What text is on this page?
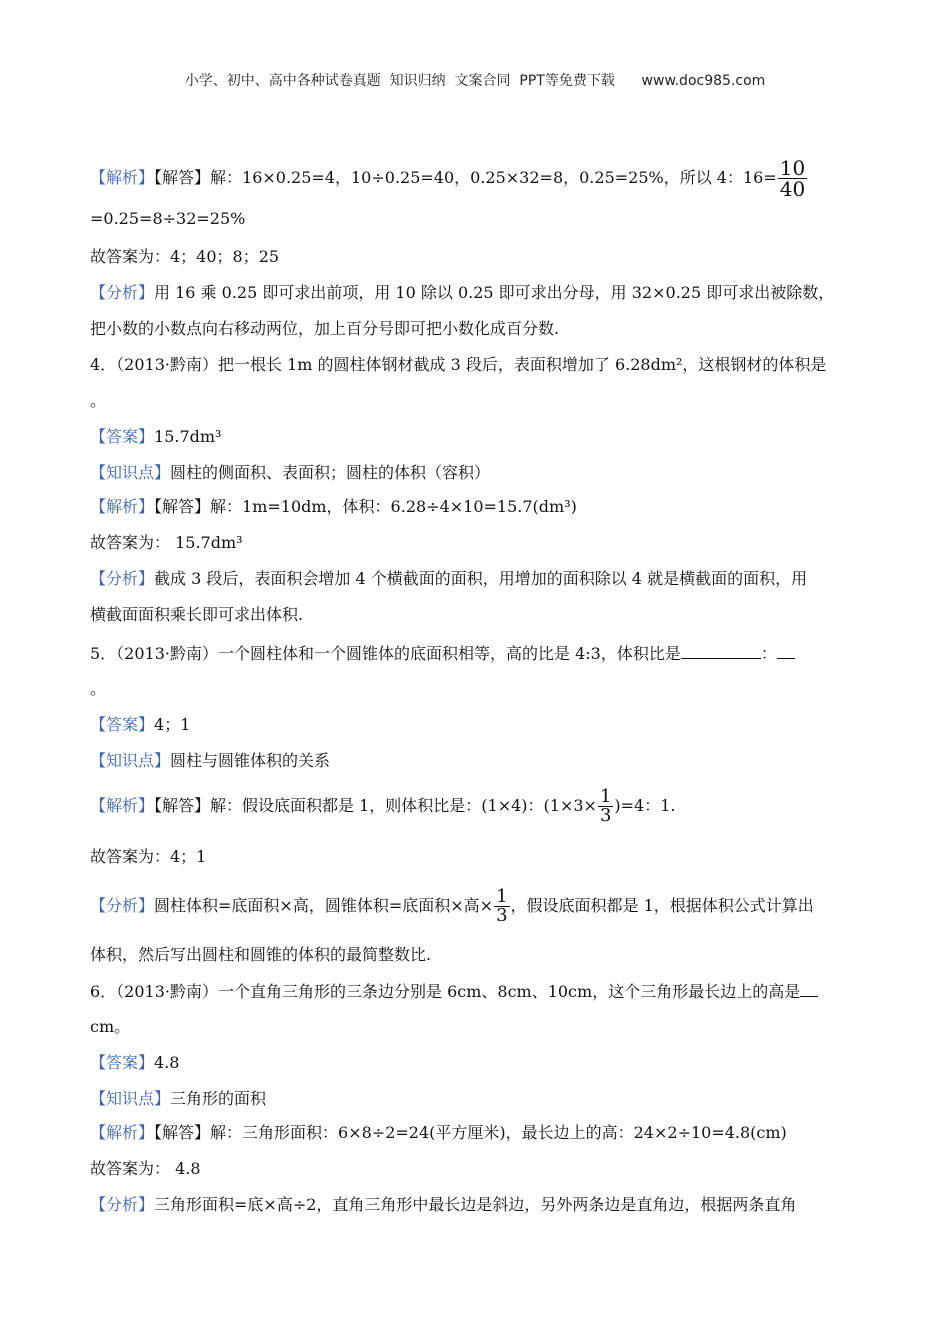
小学、初中、高中各种试卷真题  知识归纳  文案合同  PPT等免费下载      www.doc985.com
【解析】【解答】解：16×0.25=4，10÷0.25=40，0.25×32=8，0.25=25%，所以 4：$16= \frac{10}{40}$
=0.25=8÷32=25%
故答案为：4；40；8；25
【分析】用 16 乘 0.25 即可求出前项，用 10 除以 0.25 即可求出分母，用 32×0.25 即可求出被除数，
把小数的小数点向右移动两位，加上百分号即可把小数化成百分数.
4．（2013·黔南）把一根长 1m 的圆柱体钢材截成 3 段后，表面积增加了 6.28dm²，这根钢材的体积是
。
【答案】15.7dm³
【知识点】圆柱的侧面积、表面积；圆柱的体积（容积）
【解析】【解答】解：1m=10dm，体积：6.28÷4×10=15.7(dm³)
故答案为： 15.7dm³
【分析】截成 3 段后，表面积会增加 4 个横截面的面积，用增加的面积除以 4 就是横截面的面积，用
横截面面积乘长即可求出体积.
5．（2013·黔南）一个圆柱体和一个圆锥体的底面积相等，高的比是 4:3，体积比是	：
。
【答案】4；1
【知识点】圆柱与圆锥体积的关系
【解析】【解答】解：假设底面积都是 1，则体积比是：(1×4)：$(1\times 3\times \frac{1}{3} )=4$：1.
故答案为：4；1
【分析】圆柱体积=底面积×高，圆锥体积=底面积×高× $\frac{1}{3}$ ，假设底面积都是 1，根据体积公式计算出
体积，然后写出圆柱和圆锥的体积的最简整数比.
6．（2013·黔南）一个直角三角形的三条边分别是 6cm、8cm、10cm，这个三角形最长边上的高是
cm。
【答案】4.8
【知识点】三角形的面积
【解析】【解答】解：三角形面积：6×8÷2=24(平方厘米)，最长边上的高：24×2÷10=4.8(cm)
故答案为： 4.8
【分析】三角形面积=底×高÷2，直角三角形中最长边是斜边，另外两条边是直角边，根据两条直角
